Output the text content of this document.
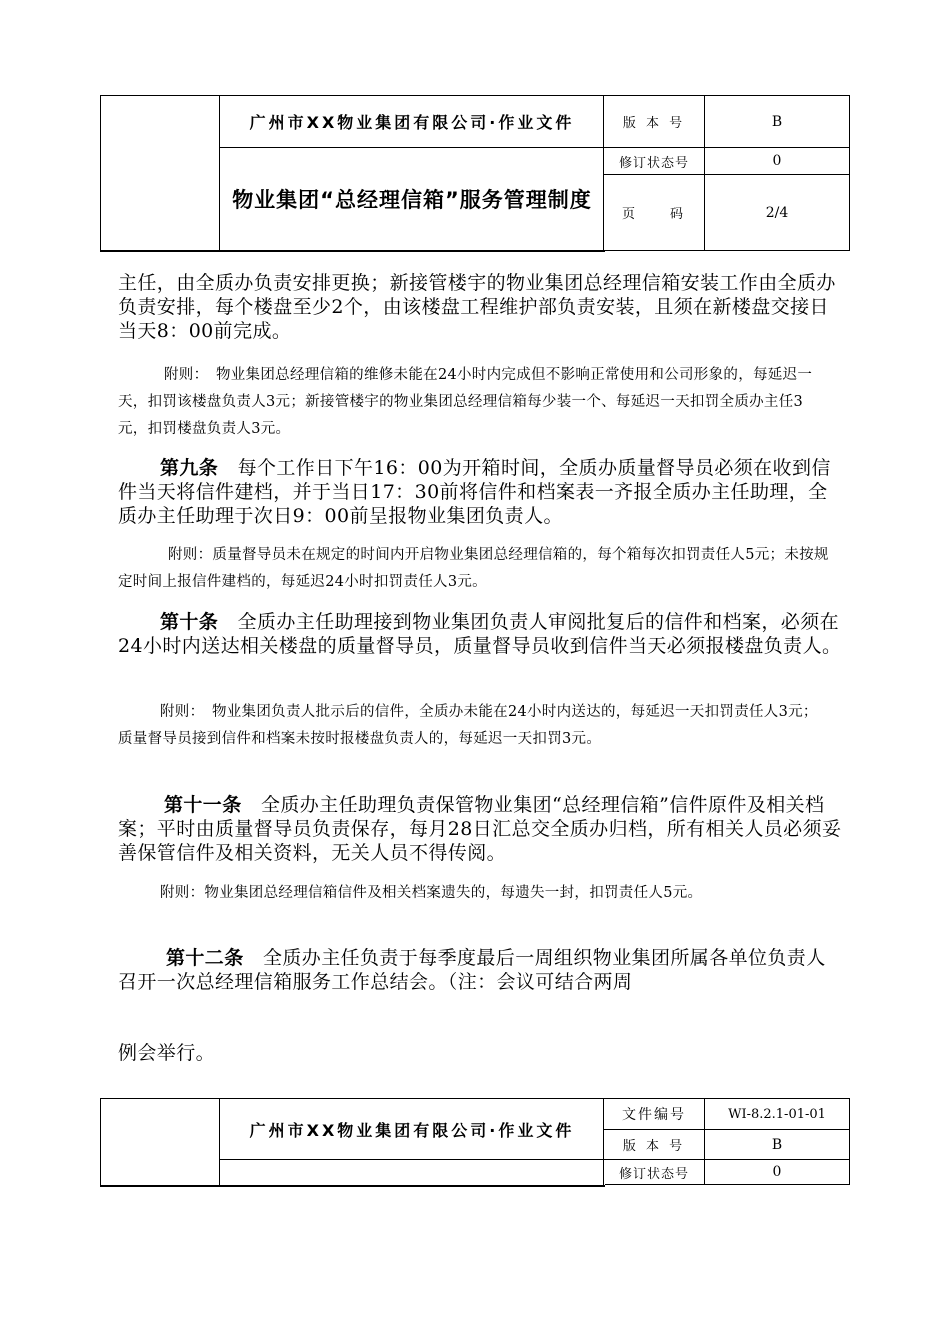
广州市XX物业集团有限公司·作业文件
物业集团“总经理信箱”服务管理制度
版 本 号	B
修订状态号	0
页　　码	2/4

主任，由全质办负责安排更换；新接管楼宇的物业集团总经理信箱安装工作由全质办负责安排，每个楼盘至少2个，由该楼盘工程维护部负责安装，且须在新楼盘交接日当天8：00前完成。

附则：　物业集团总经理信箱的维修未能在24小时内完成但不影响正常使用和公司形象的，每延迟一天，扣罚该楼盘负责人3元；新接管楼宇的物业集团总经理信箱每少装一个、每延迟一天扣罚全质办主任3元，扣罚楼盘负责人3元。

第九条　每个工作日下午16：00为开箱时间，全质办质量督导员必须在收到信件当天将信件建档，并于当日17：30前将信件和档案表一齐报全质办主任助理，全质办主任助理于次日9：00前呈报物业集团负责人。

附则：质量督导员未在规定的时间内开启物业集团总经理信箱的，每个箱每次扣罚责任人5元；未按规定时间上报信件建档的，每延迟24小时扣罚责任人3元。

第十条　全质办主任助理接到物业集团负责人审阅批复后的信件和档案，必须在24小时内送达相关楼盘的质量督导员，质量督导员收到信件当天必须报楼盘负责人。

附则：　物业集团负责人批示后的信件，全质办未能在24小时内送达的，每延迟一天扣罚责任人3元；质量督导员接到信件和档案未按时报楼盘负责人的，每延迟一天扣罚3元。

第十一条　全质办主任助理负责保管物业集团“总经理信箱”信件原件及相关档案；平时由质量督导员负责保存，每月28日汇总交全质办归档，所有相关人员必须妥善保管信件及相关资料，无关人员不得传阅。

附则：物业集团总经理信箱信件及相关档案遗失的，每遗失一封，扣罚责任人5元。

第十二条　全质办主任负责于每季度最后一周组织物业集团所属各单位负责人召开一次总经理信箱服务工作总结会。（注：会议可结合两周

例会举行。

广州市XX物业集团有限公司·作业文件
文件编号	WI-8.2.1-01-01
版 本 号	B
修订状态号	0
